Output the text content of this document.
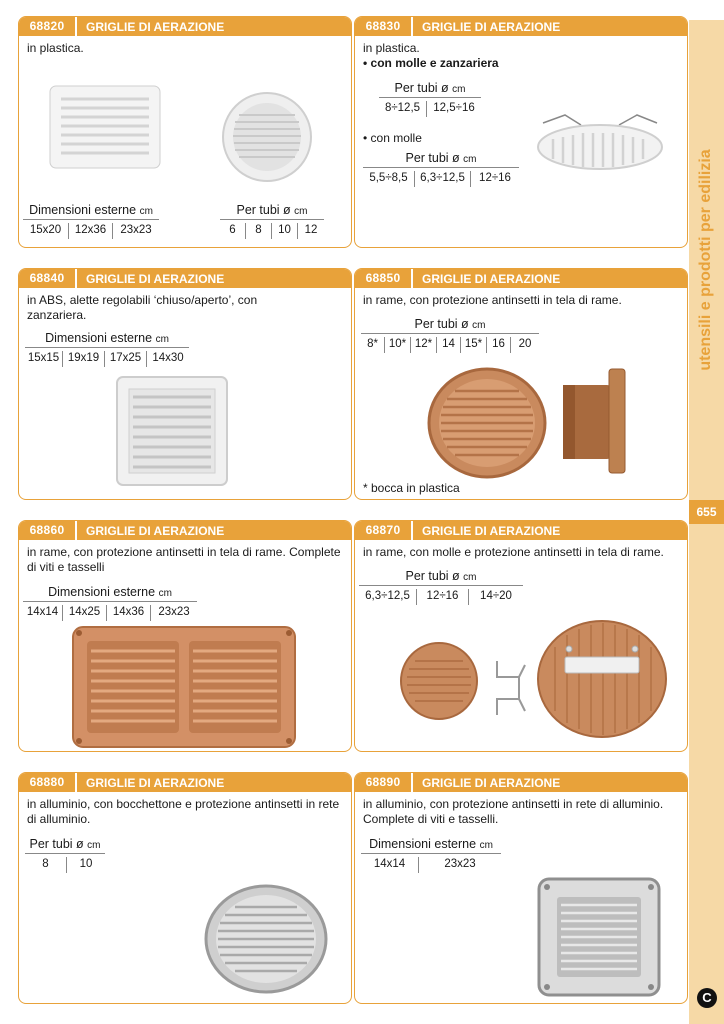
68820	GRIGLIE DI AERAZIONE
in plastica.
Dimensioni esterne cm
15x20	12x36	23x23
Per tubi ø cm
6	8	10	12
68830	GRIGLIE DI AERAZIONE
in plastica.
• con molle e zanzariera
Per tubi ø cm
8÷12,5	12,5÷16
• con molle
Per tubi ø cm
5,5÷8,5	6,3÷12,5	12÷16
68840	GRIGLIE DI AERAZIONE
in ABS, alette regolabili ‘chiuso/aperto’, con zanzariera.
Dimensioni esterne cm
15x15 19x19 17x25 14x30
68850	GRIGLIE DI AERAZIONE
in rame, con protezione antinsetti in tela di rame.
Per tubi ø cm
8* 10* 12* 14 15* 16	20
* bocca in plastica
68860	GRIGLIE DI AERAZIONE
in rame, con protezione antinsetti in tela di rame. Complete di viti e tasselli
Dimensioni esterne cm
14x14 14x25	14x36	23x23
68870	GRIGLIE DI AERAZIONE
in rame, con molle e protezione antinsetti in tela di rame.
Per tubi ø cm
6,3÷12,5	12÷16	14÷20
68880	GRIGLIE DI AERAZIONE
in alluminio, con bocchettone e protezione antinsetti in rete di alluminio.
Per tubi ø cm
8	10
68890	GRIGLIE DI AERAZIONE
in alluminio, con protezione antinsetti in rete di alluminio. Complete di viti e tasselli.
Dimensioni esterne cm
14x14	23x23
utensili e prodotti per edilizia
655
C
